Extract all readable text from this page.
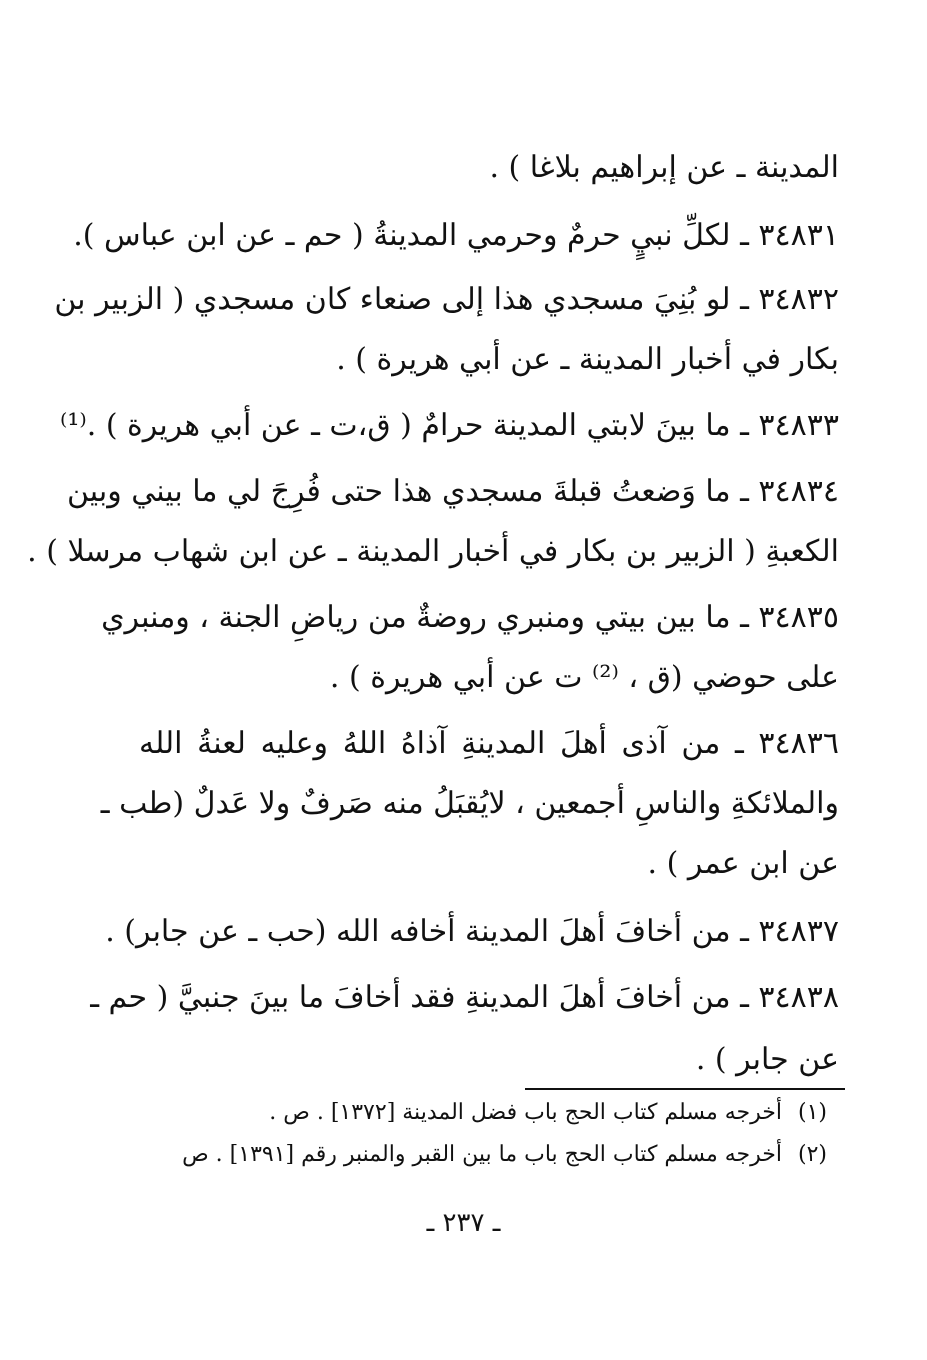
المدينة ـ عن إبراهيم بلاغا ) .
٣٤٨٣١ ـ لكلِّ نبيٍ حرمٌ وحرمي المدينةُ ( حم ـ عن ابن عباس ).
٣٤٨٣٢ ـ لو بُنِيَ مسجدي هذا إلى صنعاء كان مسجدي ( الزبير بن
بكار في أخبار المدينة ـ عن أبي هريرة ) .
٣٤٨٣٣ ـ ما بينَ لابتي المدينة حرامٌ ( ق،ت ـ عن أبي هريرة ) .⁽¹⁾
٣٤٨٣٤ ـ ما وَضعتُ قبلةَ مسجدي هذا حتى فُرِجَ لي ما بيني وبين
الكعبةِ ( الزبير بن بكار في أخبار المدينة ـ عن ابن شهاب مرسلا ) .
٣٤٨٣٥ ـ ما بين بيتي ومنبري روضةٌ من رياضِ الجنة ، ومنبري
على حوضي (ق ، ⁽²⁾ ت عن أبي هريرة ) .
٣٤٨٣٦ ـ من آذى أهلَ المدينةِ آذاهُ اللهُ وعليه لعنةُ الله
والملائكةِ والناسِ أجمعين ، لايُقبَلُ منه صَرفٌ ولا عَدلٌ (طب ـ
عن ابن عمر ) .
٣٤٨٣٧ ـ من أخافَ أهلَ المدينة أخافه الله (حب ـ عن جابر) .
٣٤٨٣٨ ـ من أخافَ أهلَ المدينةِ فقد أخافَ ما بينَ جنبيَّ ( حم ـ
عن جابر ) .
(١)أخرجه مسلم كتاب الحج باب فضل المدينة [١٣٧٢] . ص .
(٢)أخرجه مسلم كتاب الحج باب ما بين القبر والمنبر رقم [١٣٩١] . ص
ـ ٢٣٧ ـ
